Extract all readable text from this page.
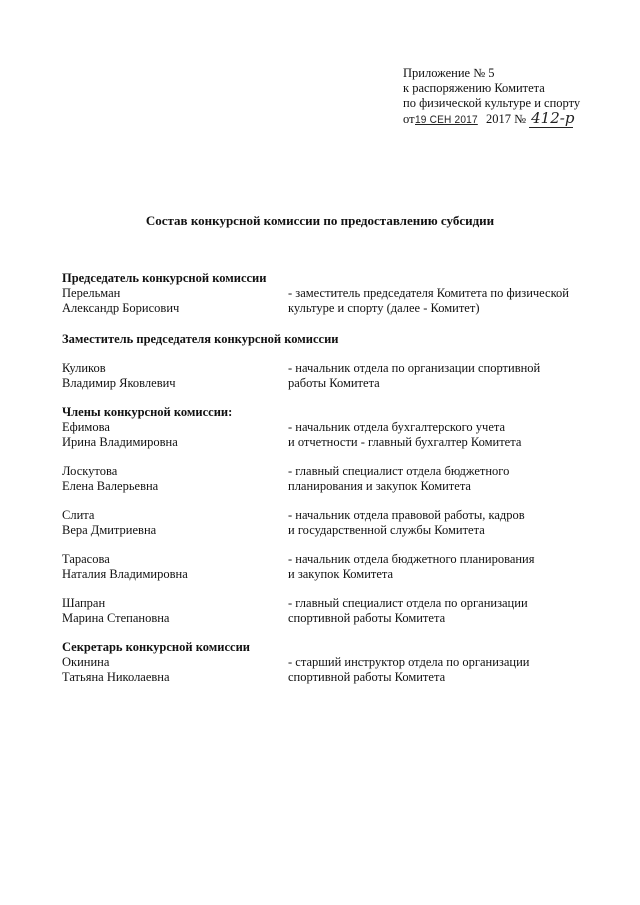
Приложение № 5
к распоряжению Комитета
по физической культуре и спорту
от19 СЕН 2017 2017 № 412-р
Состав конкурсной комиссии по предоставлению субсидии
Председатель конкурсной комиссии
Перельман
Александр Борисович
- заместитель председателя Комитета по физической
культуре и спорту (далее - Комитет)
Заместитель председателя конкурсной комиссии
Куликов
Владимир Яковлевич
- начальник отдела по организации спортивной
работы Комитета
Члены конкурсной комиссии:
Ефимова
Ирина Владимировна
- начальник отдела бухгалтерского учета
и отчетности - главный бухгалтер Комитета
Лоскутова
Елена Валерьевна
- главный специалист отдела бюджетного
планирования и закупок Комитета
Слита
Вера Дмитриевна
- начальник отдела правовой работы, кадров
и государственной службы Комитета
Тарасова
Наталия Владимировна
- начальник отдела бюджетного планирования
и закупок Комитета
Шапран
Марина Степановна
- главный специалист отдела по организации
спортивной работы Комитета
Секретарь конкурсной комиссии
Окинина
Татьяна Николаевна
- старший инструктор отдела по организации
спортивной работы Комитета
